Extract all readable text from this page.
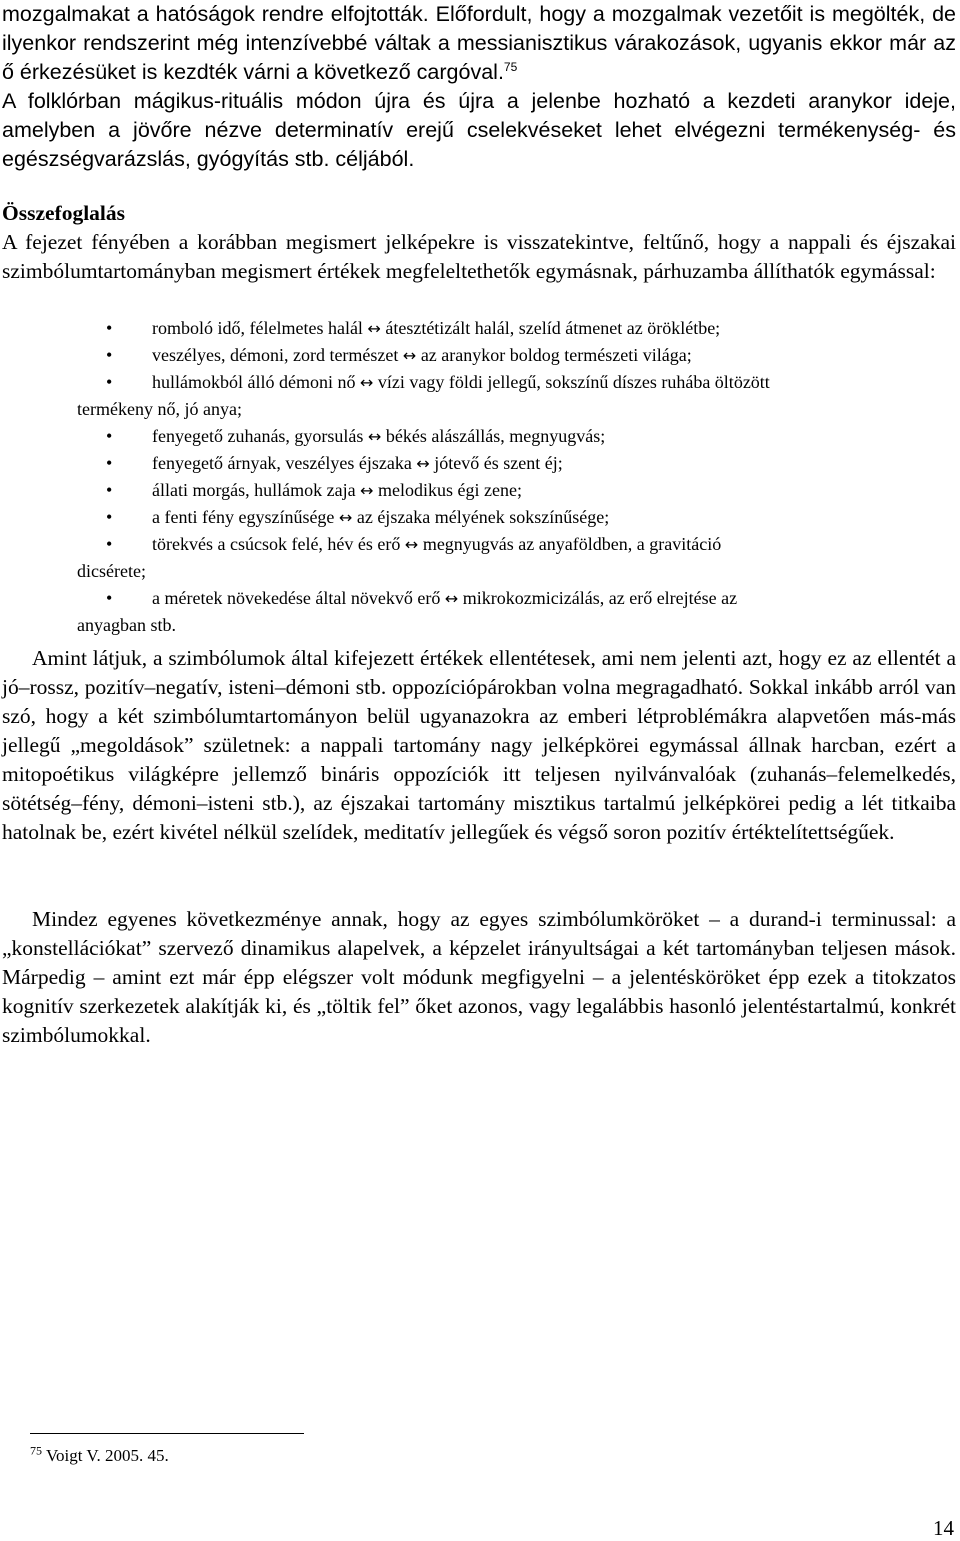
mozgalmakat a hatóságok rendre elfojtották. Előfordult, hogy a mozgalmak vezetőit is megölték, de ilyenkor rendszerint még intenzívebbé váltak a messianisztikus várakozások, ugyanis ekkor már az ő érkezésüket is kezdték várni a következő cargóval.$^{75}$

A folklórban mágikus-rituális módon újra és újra a jelenbe hozható a kezdeti aranykor ideje, amelyben a jövőre nézve determinatív erejű cselekvéseket lehet elvégezni termékenység- és egészségvarázslás, gyógyítás stb. céljából.

Összefoglalás

A fejezet fényében a korábban megismert jelképekre is visszatekintve, feltűnő, hogy a nappali és éjszakai szimbólumtartományban megismert értékek megfeleltethetők egymásnak, párhuzamba állíthatók egymással:

• romboló idő, félelmetes halál ↔ átesztétizált halál, szelíd átmenet az öröklétbe;
• veszélyes, démoni, zord természet ↔ az aranykor boldog természeti világa;
• hullámokból álló démoni nő ↔ vízi vagy földi jellegű, sokszínű díszes ruhába öltözött
termékeny nő, jó anya;
• fenyegető zuhanás, gyorsulás ↔ békés alászállás, megnyugvás;
• fenyegető árnyak, veszélyes éjszaka ↔ jótevő és szent éj;
• állati morgás, hullámok zaja ↔ melodikus égi zene;
• a fenti fény egyszínűsége ↔ az éjszaka mélyének sokszínűsége;
• törekvés a csúcsok felé, hév és erő ↔ megnyugvás az anyaföldben, a gravitáció
dicsérete;
• a méretek növekedése által növekvő erő ↔ mikrokozmicizálás, az erő elrejtése az
anyagban stb.

Amint látjuk, a szimbólumok által kifejezett értékek ellentétesek, ami nem jelenti azt, hogy ez az ellentét a jó–rossz, pozitív–negatív, isteni–démoni stb. oppozíciópárokban volna megragadható. Sokkal inkább arról van szó, hogy a két szimbólumtartományon belül ugyanazokra az emberi létproblémákra alapvetően más-más jellegű „megoldások” születnek: a nappali tartomány nagy jelképkörei egymással állnak harcban, ezért a mitopoétikus világképre jellemző bináris oppozíciók itt teljesen nyilvánvalóak (zuhanás–felemelkedés, sötétség–fény, démoni–isteni stb.), az éjszakai tartomány misztikus tartalmú jelképkörei pedig a lét titkaiba hatolnak be, ezért kivétel nélkül szelídek, meditatív jellegűek és végső soron pozitív értéktelítettségűek.

Mindez egyenes következménye annak, hogy az egyes szimbólumköröket – a durand-i terminussal: a „konstellációkat” szervező dinamikus alapelvek, a képzelet irányultságai a két tartományban teljesen mások. Márpedig – amint ezt már épp elégszer volt módunk megfigyelni – a jelentésköröket épp ezek a titokzatos kognitív szerkezetek alakítják ki, és „töltik fel” őket azonos, vagy legalábbis hasonló jelentéstartalmú, konkrét szimbólumokkal.

$^{75}$ Voigt V. 2005. 45.
14
